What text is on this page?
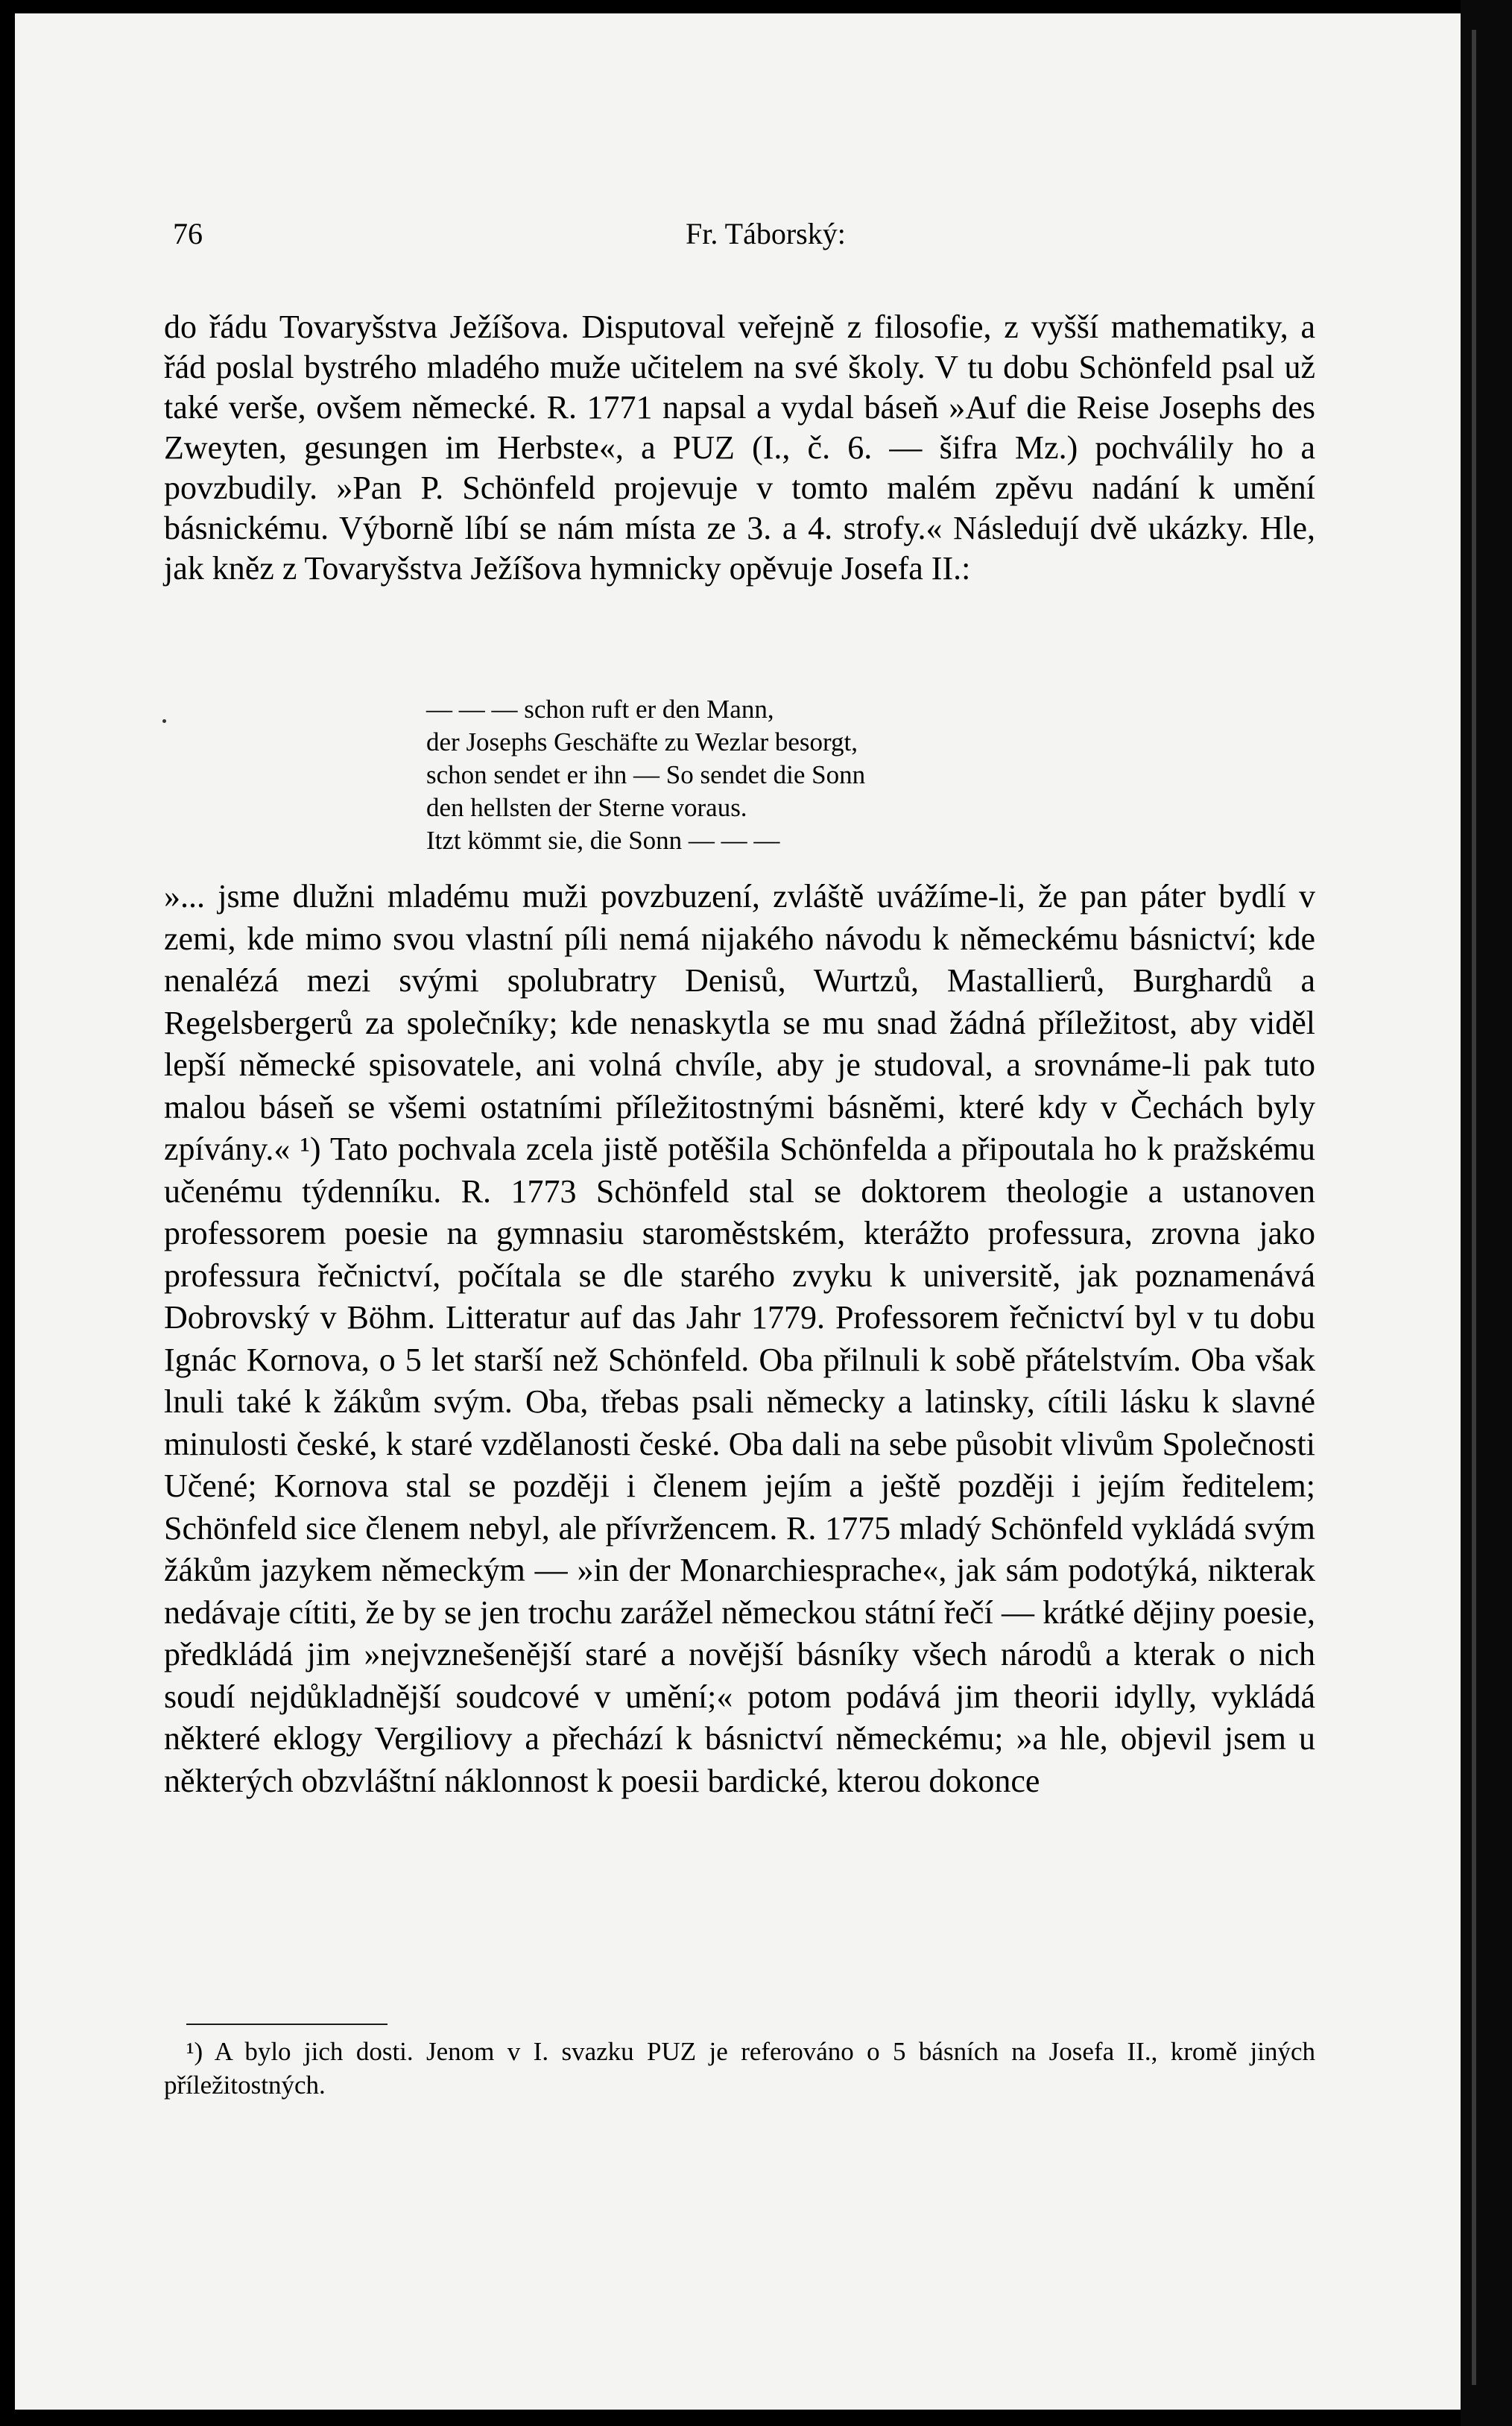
76	Fr. Táborský:

do řádu Tovaryšstva Ježíšova. Disputoval veřejně z filosofie, z vyšší mathematiky, a řád poslal bystrého mladého muže učitelem na své školy. V tu dobu Schönfeld psal už také verše, ovšem německé. R. 1771 napsal a vydal báseň »Auf die Reise Josephs des Zweyten, gesungen im Herbste«, a PUZ (I., č. 6. — šifra Mz.) pochválily ho a povzbudily. »Pan P. Schönfeld projevuje v tomto malém zpěvu nadání k umění básnickému. Výborně líbí se nám místa ze 3. a 4. strofy.« Následují dvě ukázky. Hle, jak kněz z Tovaryšstva Ježíšova hymnicky opěvuje Josefa II.:

— — — schon ruft er den Mann,
der Josephs Geschäfte zu Wezlar besorgt,
schon sendet er ihn — So sendet die Sonn
den hellsten der Sterne voraus.
Itzt kömmt sie, die Sonn — — —

»... jsme dlužni mladému muži povzbuzení, zvláště uvážíme-li, že pan páter bydlí v zemi, kde mimo svou vlastní píli nemá nijakého návodu k německému básnictví; kde nenalézá mezi svými spolubratry Denisů, Wurtzů, Mastallierů, Burghardů a Regelsbergerů za společníky; kde nenaskytla se mu snad žádná příležitost, aby viděl lepší německé spisovatele, ani volná chvíle, aby je studoval, a srovnáme-li pak tuto malou báseň se všemi ostatními příležitostnými básněmi, které kdy v Čechách byly zpívány.« ¹) Tato pochvala zcela jistě potěšila Schönfelda a připoutala ho k pražskému učenému týdenníku. R. 1773 Schönfeld stal se doktorem theologie a ustanoven professorem poesie na gymnasiu staroměstském, kterážto professura, zrovna jako professura řečnictví, počítala se dle starého zvyku k universitě, jak poznamenává Dobrovský v Böhm. Litteratur auf das Jahr 1779. Professorem řečnictví byl v tu dobu Ignác Kornova, o 5 let starší než Schönfeld. Oba přilnuli k sobě přátelstvím. Oba však lnuli také k žákům svým. Oba, třebas psali německy a latinsky, cítili lásku k slavné minulosti české, k staré vzdělanosti české. Oba dali na sebe působit vlivům Společnosti Učené; Kornova stal se později i členem jejím a ještě později i jejím ředitelem; Schönfeld sice členem nebyl, ale přívržencem. R. 1775 mladý Schönfeld vykládá svým žákům jazykem německým — »in der Monarchiesprache«, jak sám podotýká, nikterak nedávaje cítiti, že by se jen trochu zarážel německou státní řečí — krátké dějiny poesie, předkládá jim »nejvznešenější staré a novější básníky všech národů a kterak o nich soudí nejdůkladnější soudcové v umění;« potom podává jim theorii idylly, vykládá některé eklogy Vergiliovy a přechází k básnictví německému; »a hle, objevil jsem u některých obzvláštní náklonnost k poesii bardické, kterou dokonce

¹) A bylo jich dosti. Jenom v I. svazku PUZ je referováno o 5 básních na Josefa II., kromě jiných příležitostných.
